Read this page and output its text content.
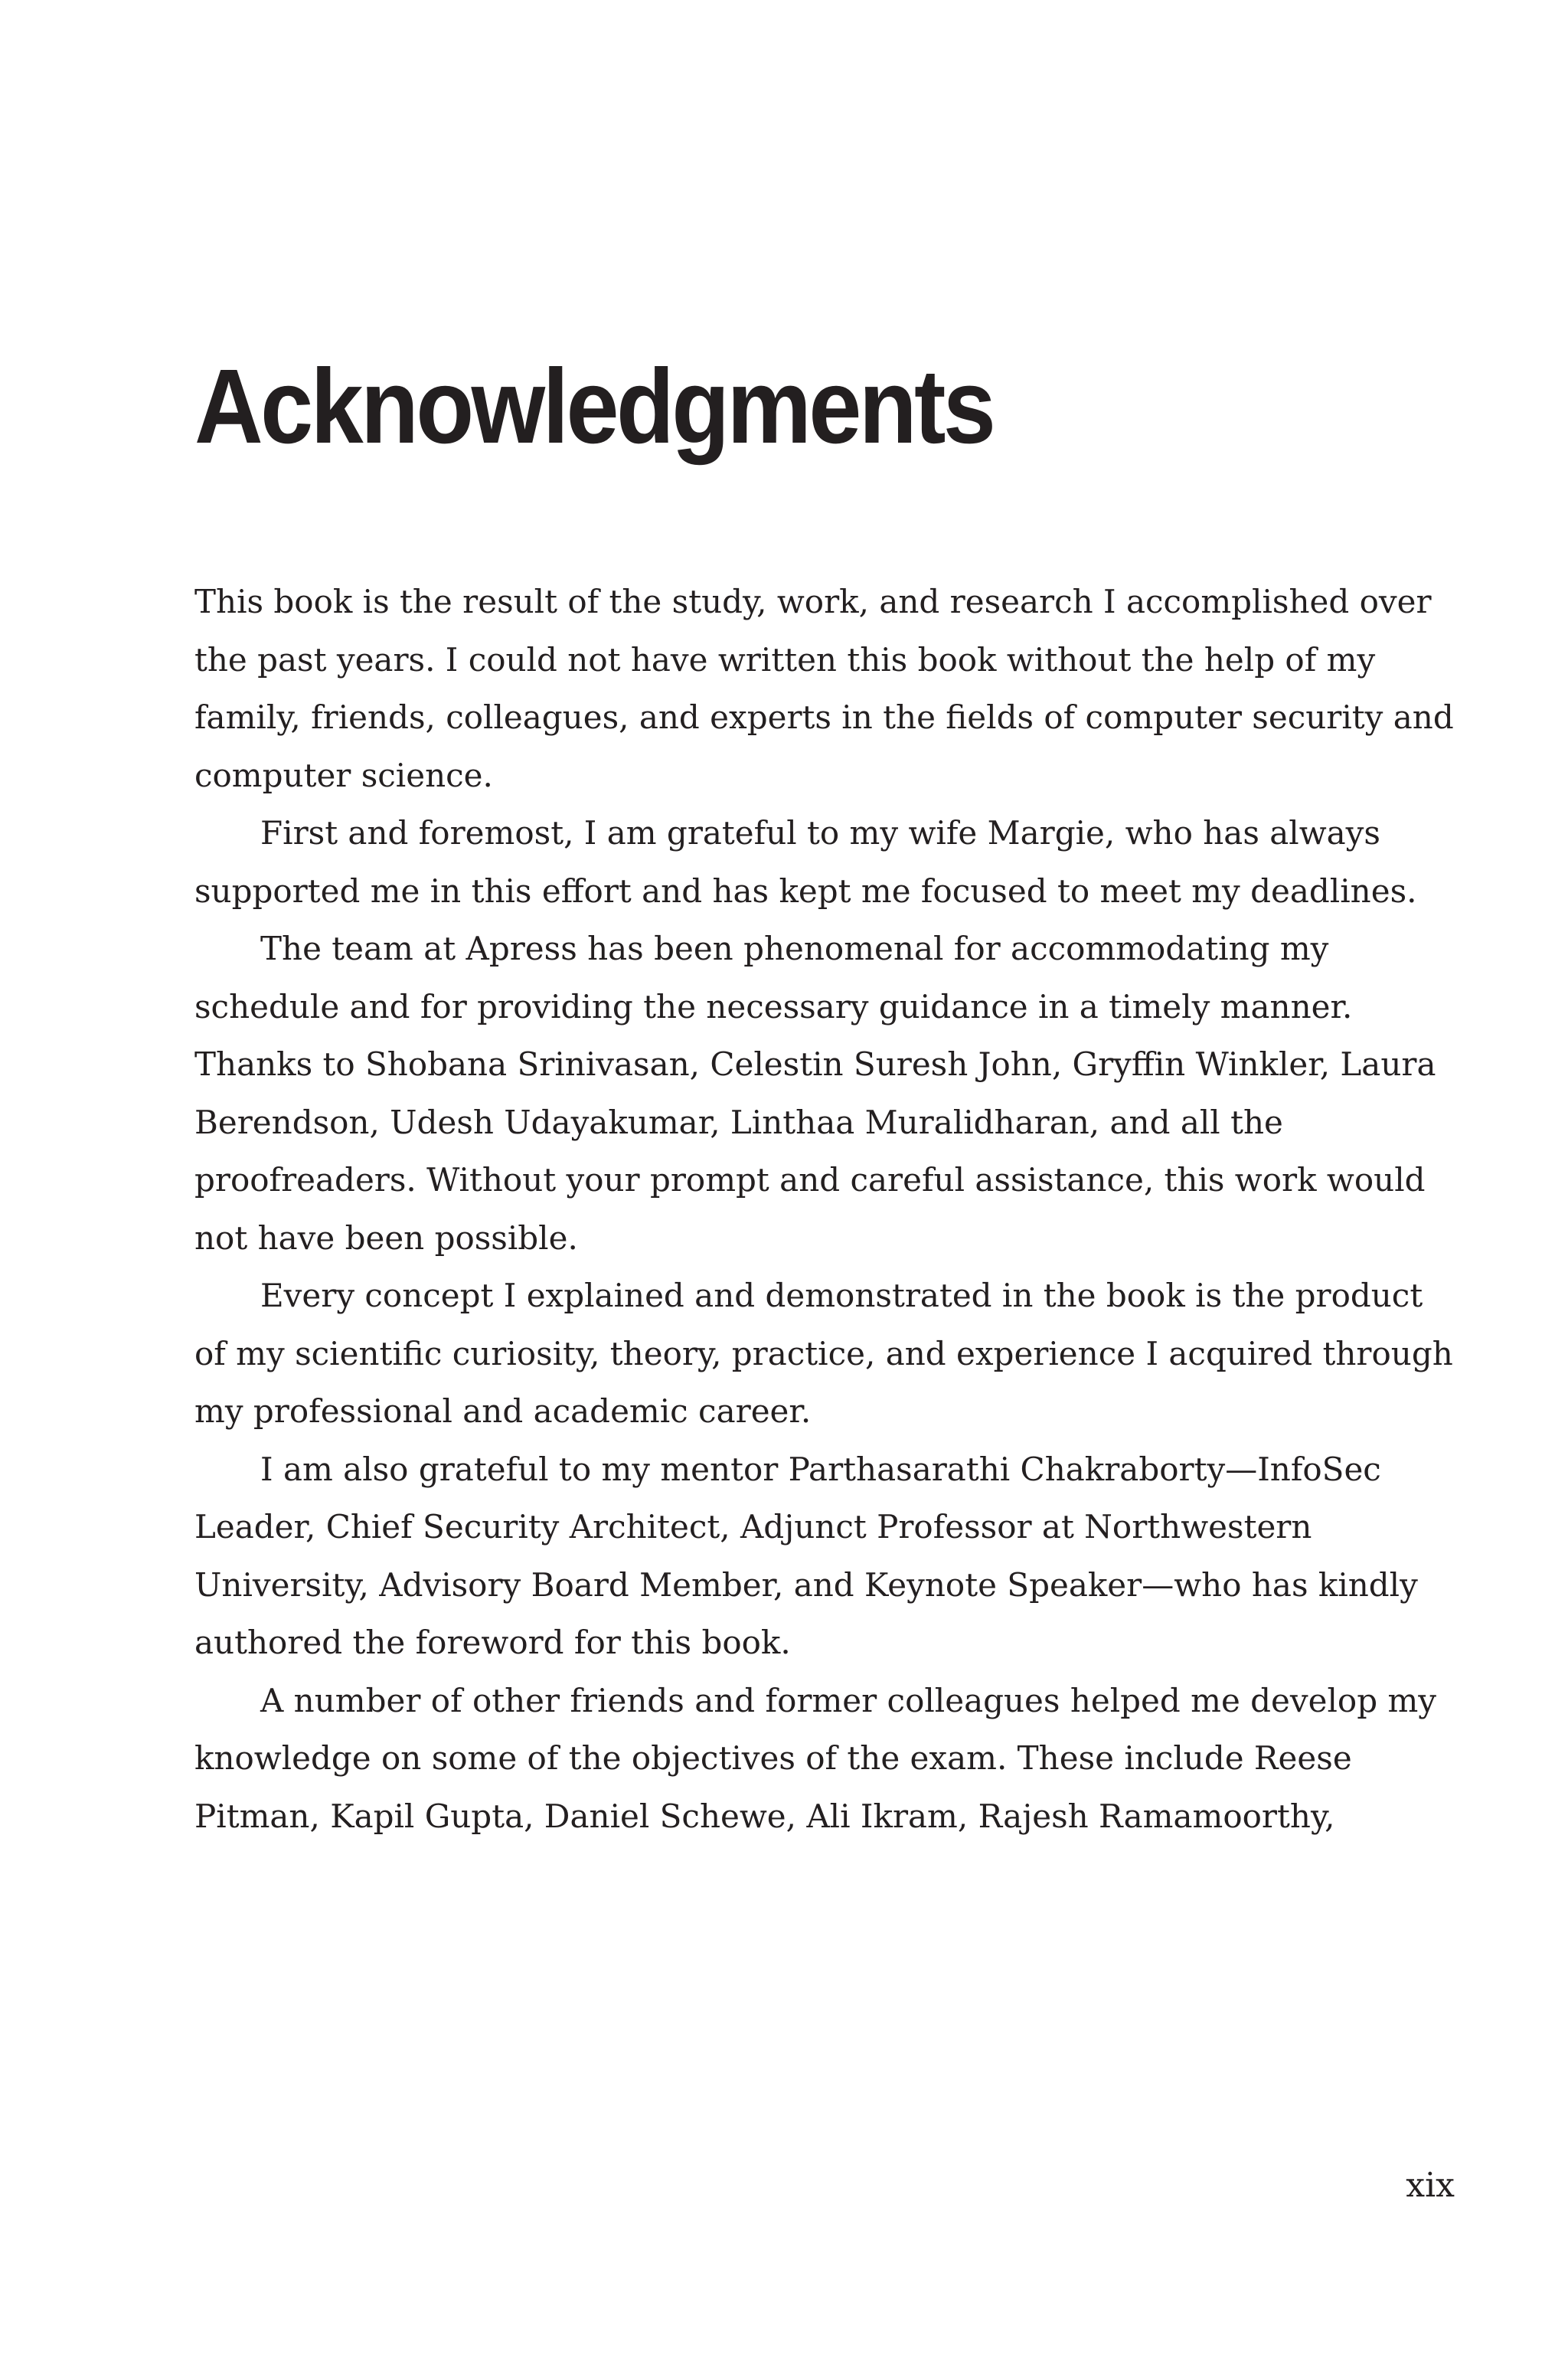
Acknowledgments

This book is the result of the study, work, and research I accomplished over the past years. I could not have written this book without the help of my family, friends, colleagues, and experts in the fields of computer security and computer science.

First and foremost, I am grateful to my wife Margie, who has always supported me in this effort and has kept me focused to meet my deadlines.

The team at Apress has been phenomenal for accommodating my schedule and for providing the necessary guidance in a timely manner. Thanks to Shobana Srinivasan, Celestin Suresh John, Gryffin Winkler, Laura Berendson, Udesh Udayakumar, Linthaa Muralidharan, and all the proofreaders. Without your prompt and careful assistance, this work would not have been possible.

Every concept I explained and demonstrated in the book is the product of my scientific curiosity, theory, practice, and experience I acquired through my professional and academic career.

I am also grateful to my mentor Parthasarathi Chakraborty—InfoSec Leader, Chief Security Architect, Adjunct Professor at Northwestern University, Advisory Board Member, and Keynote Speaker—who has kindly authored the foreword for this book.

A number of other friends and former colleagues helped me develop my knowledge on some of the objectives of the exam. These include Reese Pitman, Kapil Gupta, Daniel Schewe, Ali Ikram, Rajesh Ramamoorthy,

xix
